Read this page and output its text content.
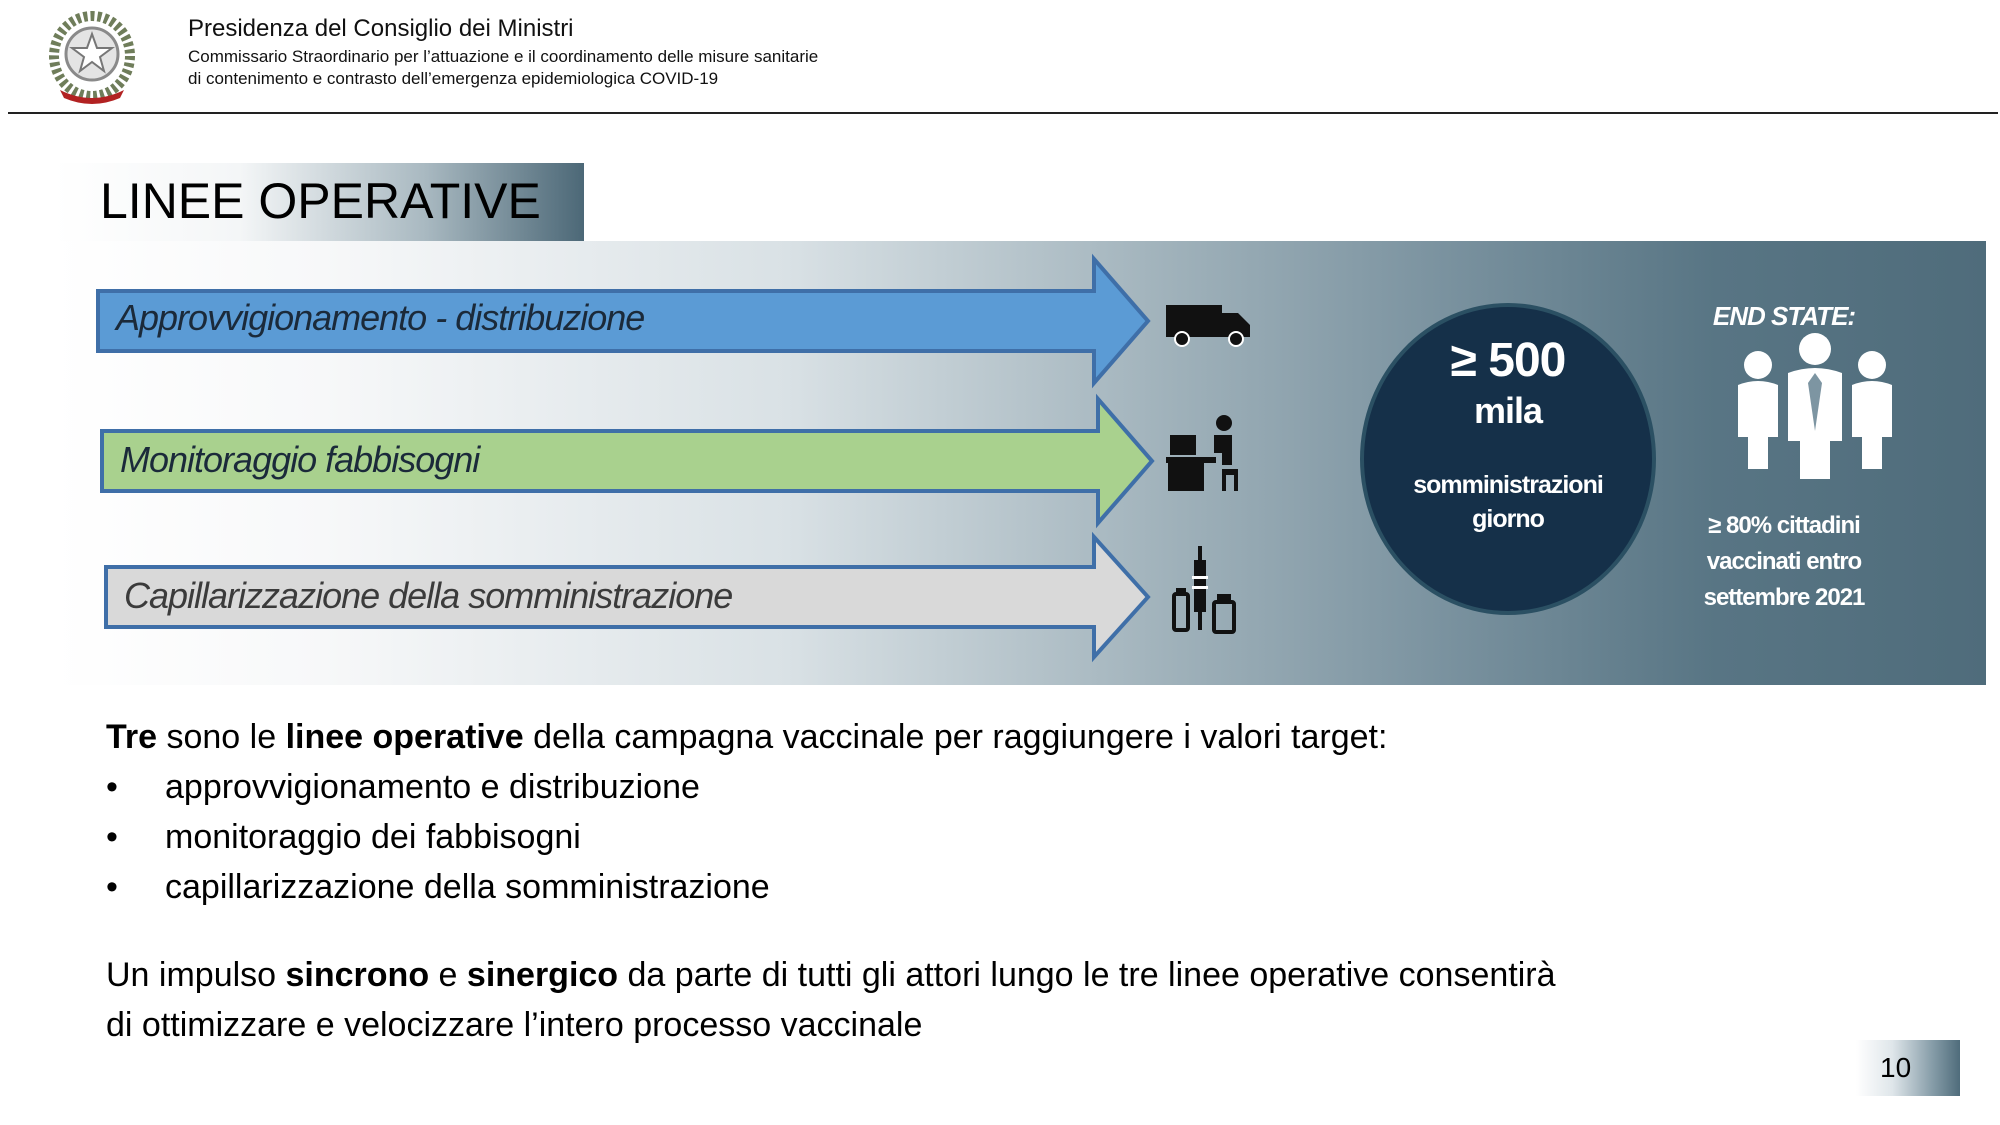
Presidenza del Consiglio dei Ministri
Commissario Straordinario per l’attuazione e il coordinamento delle misure sanitarie
di contenimento e contrasto dell’emergenza epidemiologica COVID-19
LINEE OPERATIVE
Approvvigionamento - distribuzione
Monitoraggio fabbisogni
Capillarizzazione della somministrazione
≥ 500
mila
somministrazioni
giorno
END STATE:
≥ 80% cittadini
vaccinati entro
settembre 2021
Tre sono le linee operative della campagna vaccinale per raggiungere i valori target:
• approvvigionamento e distribuzione
• monitoraggio dei fabbisogni
• capillarizzazione della somministrazione
Un impulso sincrono e sinergico da parte di tutti gli attori lungo le tre linee operative consentirà
di ottimizzare e velocizzare l’intero processo vaccinale
10
